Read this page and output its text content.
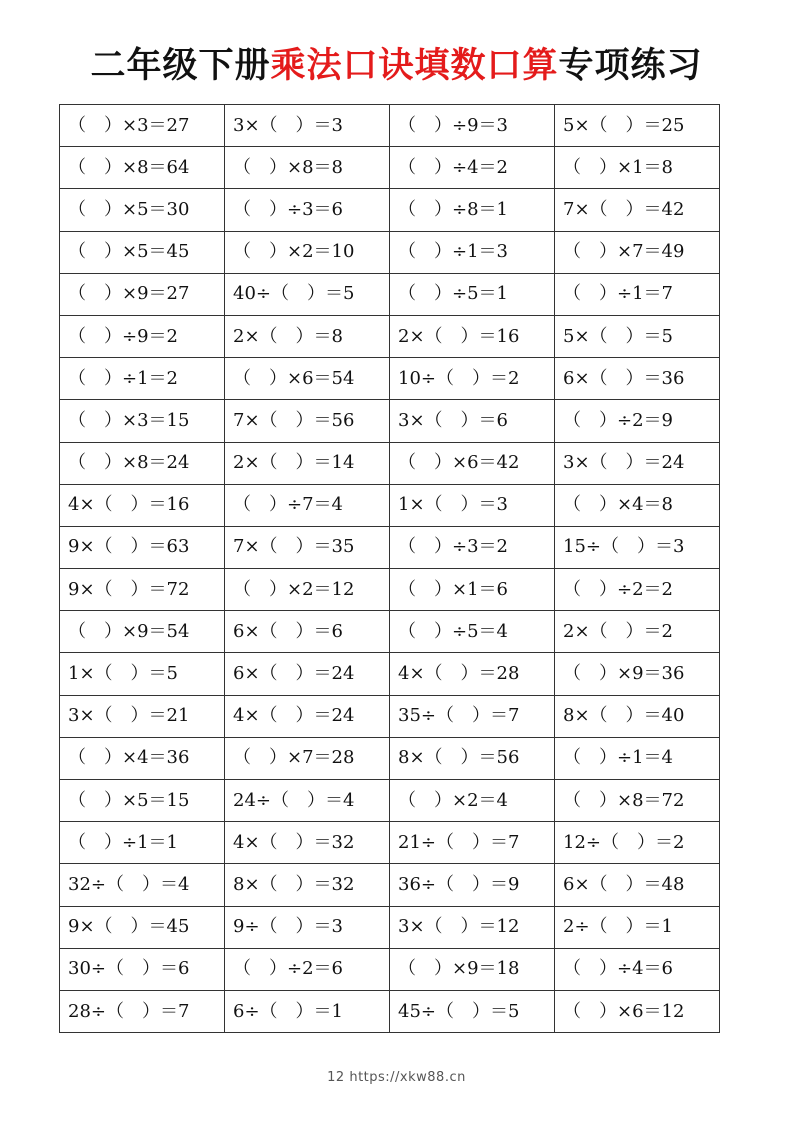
二年级下册乘法口诀填数口算专项练习
（　）×3＝27	3×（　）＝3	（　）÷9＝3	5×（　）＝25
（　）×8＝64	（　）×8＝8	（　）÷4＝2	（　）×1＝8
（　）×5＝30	（　）÷3＝6	（　）÷8＝1	7×（　）＝42
（　）×5＝45	（　）×2＝10	（　）÷1＝3	（　）×7＝49
（　）×9＝27	40÷（　）＝5	（　）÷5＝1	（　）÷1＝7
（　）÷9＝2	2×（　）＝8	2×（　）＝16	5×（　）＝5
（　）÷1＝2	（　）×6＝54	10÷（　）＝2	6×（　）＝36
（　）×3＝15	7×（　）＝56	3×（　）＝6	（　）÷2＝9
（　）×8＝24	2×（　）＝14	（　）×6＝42	3×（　）＝24
4×（　）＝16	（　）÷7＝4	1×（　）＝3	（　）×4＝8
9×（　）＝63	7×（　）＝35	（　）÷3＝2	15÷（　）＝3
9×（　）＝72	（　）×2＝12	（　）×1＝6	（　）÷2＝2
（　）×9＝54	6×（　）＝6	（　）÷5＝4	2×（　）＝2
1×（　）＝5	6×（　）＝24	4×（　）＝28	（　）×9＝36
3×（　）＝21	4×（　）＝24	35÷（　）＝7	8×（　）＝40
（　）×4＝36	（　）×7＝28	8×（　）＝56	（　）÷1＝4
（　）×5＝15	24÷（　）＝4	（　）×2＝4	（　）×8＝72
（　）÷1＝1	4×（　）＝32	21÷（　）＝7	12÷（　）＝2
32÷（　）＝4	8×（　）＝32	36÷（　）＝9	6×（　）＝48
9×（　）＝45	9÷（　）＝3	3×（　）＝12	2÷（　）＝1
30÷（　）＝6	（　）÷2＝6	（　）×9＝18	（　）÷4＝6
28÷（　）＝7	6÷（　）＝1	45÷（　）＝5	（　）×6＝12
12 https://xkw88.cn
